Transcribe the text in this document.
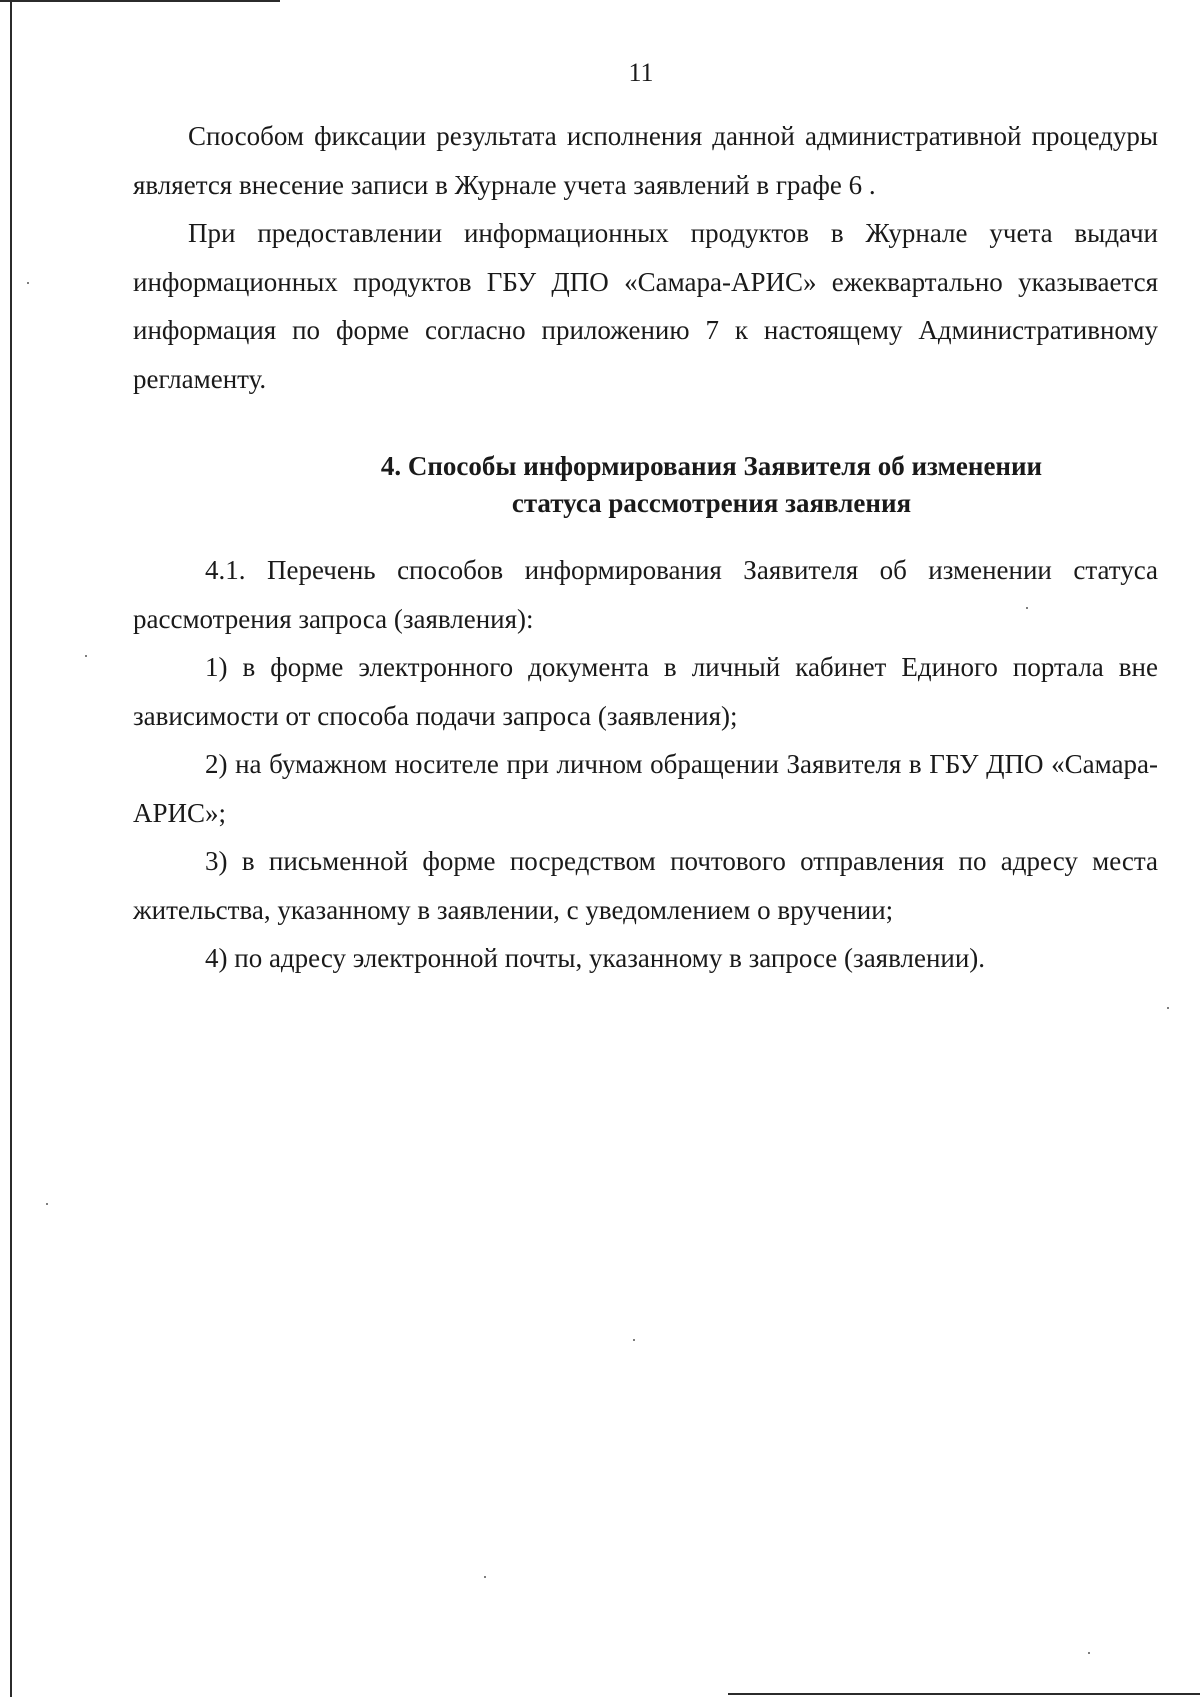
11

Способом фиксации результата исполнения данной административной процедуры является внесение записи в Журнале учета заявлений в графе 6 .

При предоставлении информационных продуктов в Журнале учета выдачи информационных продуктов ГБУ ДПО «Самара-АРИС» ежеквартально указывается информация по форме согласно приложению 7 к настоящему Административному регламенту.

4. Способы информирования Заявителя об изменении
статуса рассмотрения заявления

4.1. Перечень способов информирования Заявителя об изменении статуса рассмотрения запроса (заявления):

1) в форме электронного документа в личный кабинет Единого портала вне зависимости от способа подачи запроса (заявления);

2) на бумажном носителе при личном обращении Заявителя в ГБУ ДПО «Самара-АРИС»;

3) в письменной форме посредством почтового отправления по адресу места жительства, указанному в заявлении, с уведомлением о вручении;

4) по адресу электронной почты, указанному в запросе (заявлении).
